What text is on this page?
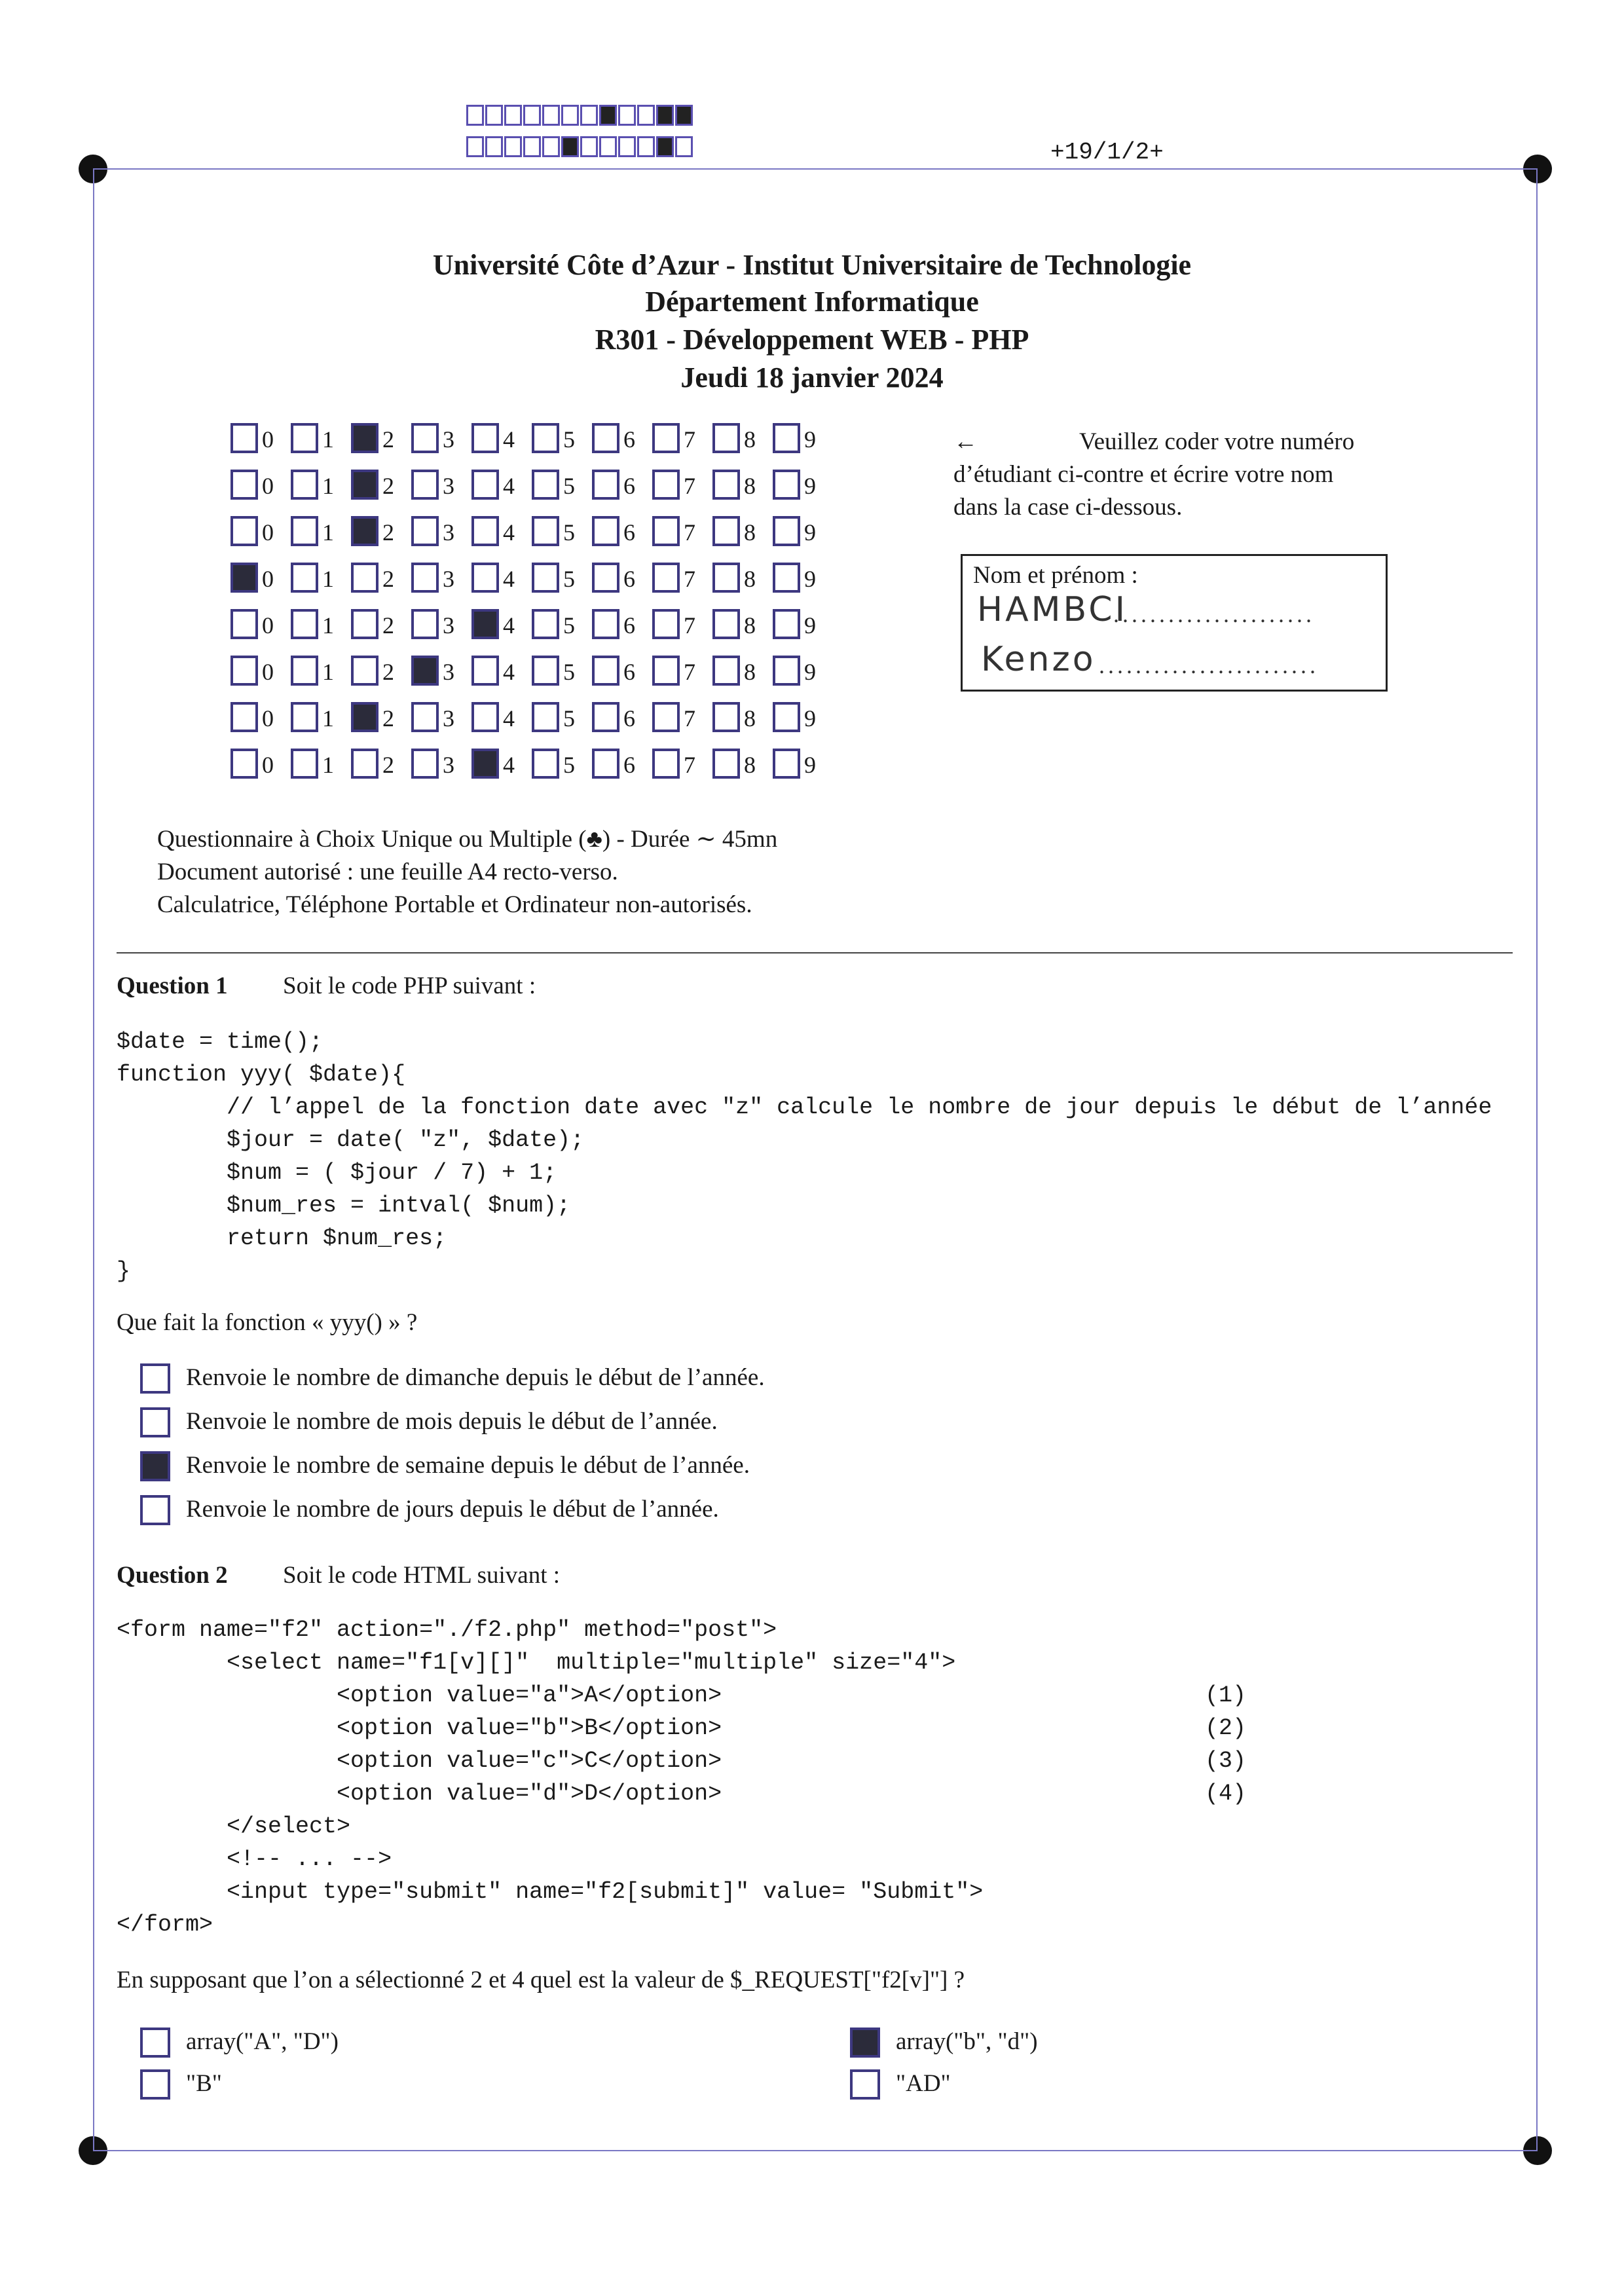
+19/1/2+
Université Côte d’Azur - Institut Universitaire de Technologie
Département Informatique
R301 - Développement WEB - PHP
Jeudi 18 janvier 2024
0 1 2 3 4 5 6 7 8 9
0 1 2 3 4 5 6 7 8 9
0 1 2 3 4 5 6 7 8 9
0 1 2 3 4 5 6 7 8 9
0 1 2 3 4 5 6 7 8 9
0 1 2 3 4 5 6 7 8 9
0 1 2 3 4 5 6 7 8 9
0 1 2 3 4 5 6 7 8 9
←	Veuillez coder votre numéro
d’étudiant ci-contre et écrire votre nom
dans la case ci-dessous.
Nom et prénom :
HAMBCI
......................
Kenzo ........................
Questionnaire à Choix Unique ou Multiple (♣) - Durée ∼ 45mn
Document autorisé : une feuille A4 recto-verso.
Calculatrice, Téléphone Portable et Ordinateur non-autorisés.
Question 1 Soit le code PHP suivant :
$date = time();
function yyy( $date){
// l’appel de la fonction date avec "z" calcule le nombre de jour depuis le début de l’année
$jour = date( "z", $date);
$num = ( $jour / 7) + 1;
$num_res = intval( $num);
return $num_res;
}
Que fait la fonction « yyy() » ?
Renvoie le nombre de dimanche depuis le début de l’année.
Renvoie le nombre de mois depuis le début de l’année.
Renvoie le nombre de semaine depuis le début de l’année.
Renvoie le nombre de jours depuis le début de l’année.
Question 2 Soit le code HTML suivant :
<form name="f2" action="./f2.php" method="post">
<select name="f1[v][]"  multiple="multiple" size="4">
<option value="a">A</option>
<option value="b">B</option>
<option value="c">C</option>
<option value="d">D</option>
</select>
<!-- ... -->
<input type="submit" name="f2[submit]" value= "Submit">
</form>
(1)
(2)
(3)
(4)
En supposant que l’on a sélectionné 2 et 4 quel est la valeur de $_REQUEST["f2[v]"] ?
array("A", "D")	array("b", "d")
"B"	"AD"
